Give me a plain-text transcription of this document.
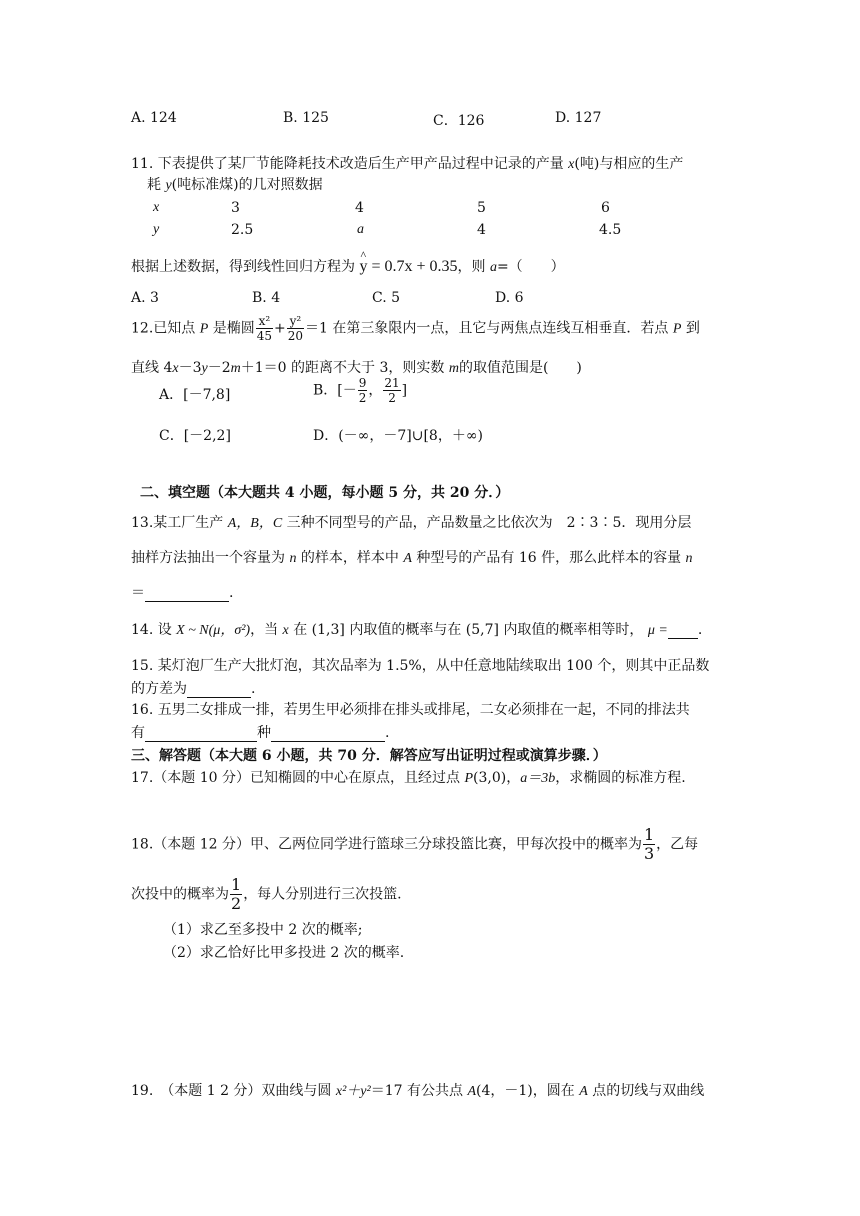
A. 124	B. 125	C．126	D. 127
11. 下表提供了某厂节能降耗技术改造后生产甲产品过程中记录的产量 x(吨)与相应的生产
耗 y(吨标准煤)的几对照数据
x	3	4	5	6
y	2.5	a	4	4.5
根据上述数据，得到线性回归方程为 ^ y = 0.7x + 0.35，则 a=（　　）
A. 3	B. 4	C. 5	D. 6
12.已知点 P 是椭圆 $\frac{\text{x²}}{45} + \frac{\text{y²}}{20} =1$ 在第三象限内一点，且它与两焦点连线互相垂直．若点 P 到
直线 4x－3y－2m＋1＝0 的距离不大于 3，则实数 m的取值范围是(　　)
A．[－7,8]	B．[－ $\frac{9}{2}$ ， $\frac{21}{2}$ ]
C．[－2,2]	D．(－∞，－7]∪[8，＋∞)
二、填空题（本大题共 4 小题，每小题 5 分，共 20 分．）
13.某工厂生产 A，B，C 三种不同型号的产品，产品数量之比依次为　2∶3∶5．现用分层
抽样方法抽出一个容量为 n 的样本，样本中 A 种型号的产品有 16 件，那么此样本的容量 n
＝	.
14. 设 X ~ N(μ，σ²)，当 x 在 (1,3] 内取值的概率与在 (5,7] 内取值的概率相等时， μ = .
15. 某灯泡厂生产大批灯泡，其次品率为 1.5%，从中任意地陆续取出 100 个，则其中正品数
的方差为	.
16. 五男二女排成一排，若男生甲必须排在排头或排尾，二女必须排在一起，不同的排法共
有	种	.
三、解答题（本大题 6 小题，共 70 分．解答应写出证明过程或演算步骤．）
17.（本题 10 分）已知椭圆的中心在原点，且经过点 P(3,0)，a＝3b，求椭圆的标准方程.
18.（本题 12 分）甲、乙两位同学进行篮球三分球投篮比赛，甲每次投中的概率为 $\frac{1}{3}$ ，乙每
次投中的概率为 $\frac{1}{2}$ ，每人分别进行三次投篮.
（1）求乙至多投中 2 次的概率;
（2）求乙恰好比甲多投进 2 次的概率.
19.　（本题 1 2 分）双曲线与圆 x²＋y²＝17 有公共点 A(4，－1)，圆在 A 点的切线与双曲线
